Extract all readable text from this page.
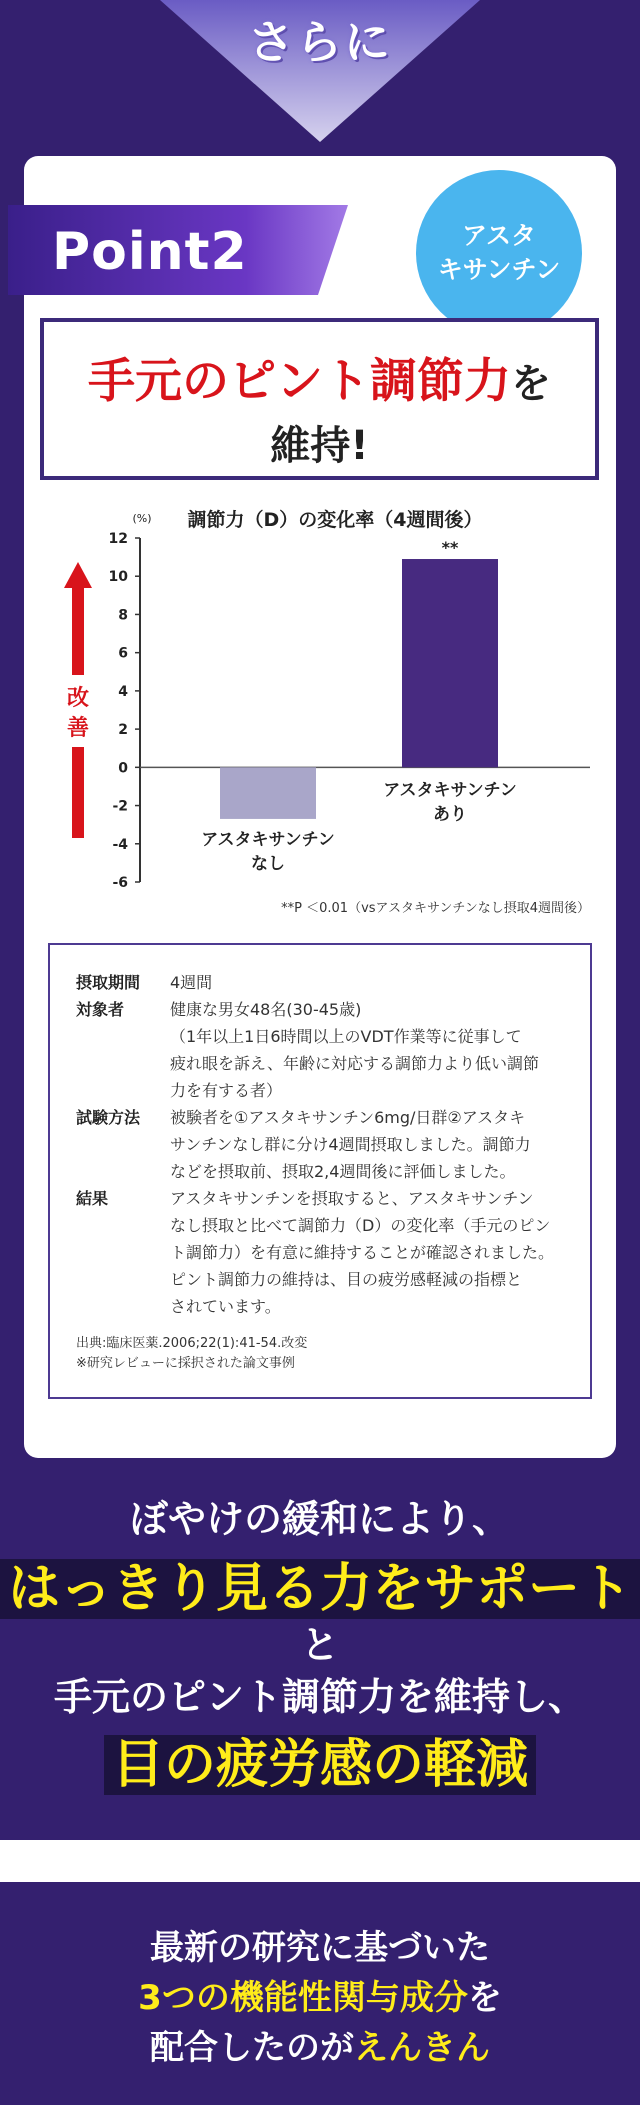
さらに
Point2	アスタ
キサンチン
手元のピント調節力を
維持!
改
善
調節力（D）の変化率（4週間後）
(%)
**P ＜0.01（vsアスタキサンチンなし摂取4週間後）
12
10
8
6
4
2
0
-2
-4
-6
アスタキサンチン
なし
アスタキサンチン
あり
**
摂取期間	4週間
対象者	健康な男女48名(30-45歳)
（1年以上1日6時間以上のVDT作業等に従事して
疲れ眼を訴え、年齢に対応する調節力より低い調節
力を有する者）
試験方法	被験者を①アスタキサンチン6mg/日群②アスタキ
サンチンなし群に分け4週間摂取しました。調節力
などを摂取前、摂取2,4週間後に評価しました。
結果	アスタキサンチンを摂取すると、アスタキサンチン
なし摂取と比べて調節力（D）の変化率（手元のピン
ト調節力）を有意に維持することが確認されました。
ピント調節力の維持は、目の疲労感軽減の指標と
されています。
出典:臨床医薬.2006;22(1):41-54.改変
※研究レビューに採択された論文事例
ぼやけの緩和により、
はっきり見る力をサポート
と
手元のピント調節力を維持し、
目の疲労感の軽減
最新の研究に基づいた
3つの機能性関与成分を
配合したのがえんきん
